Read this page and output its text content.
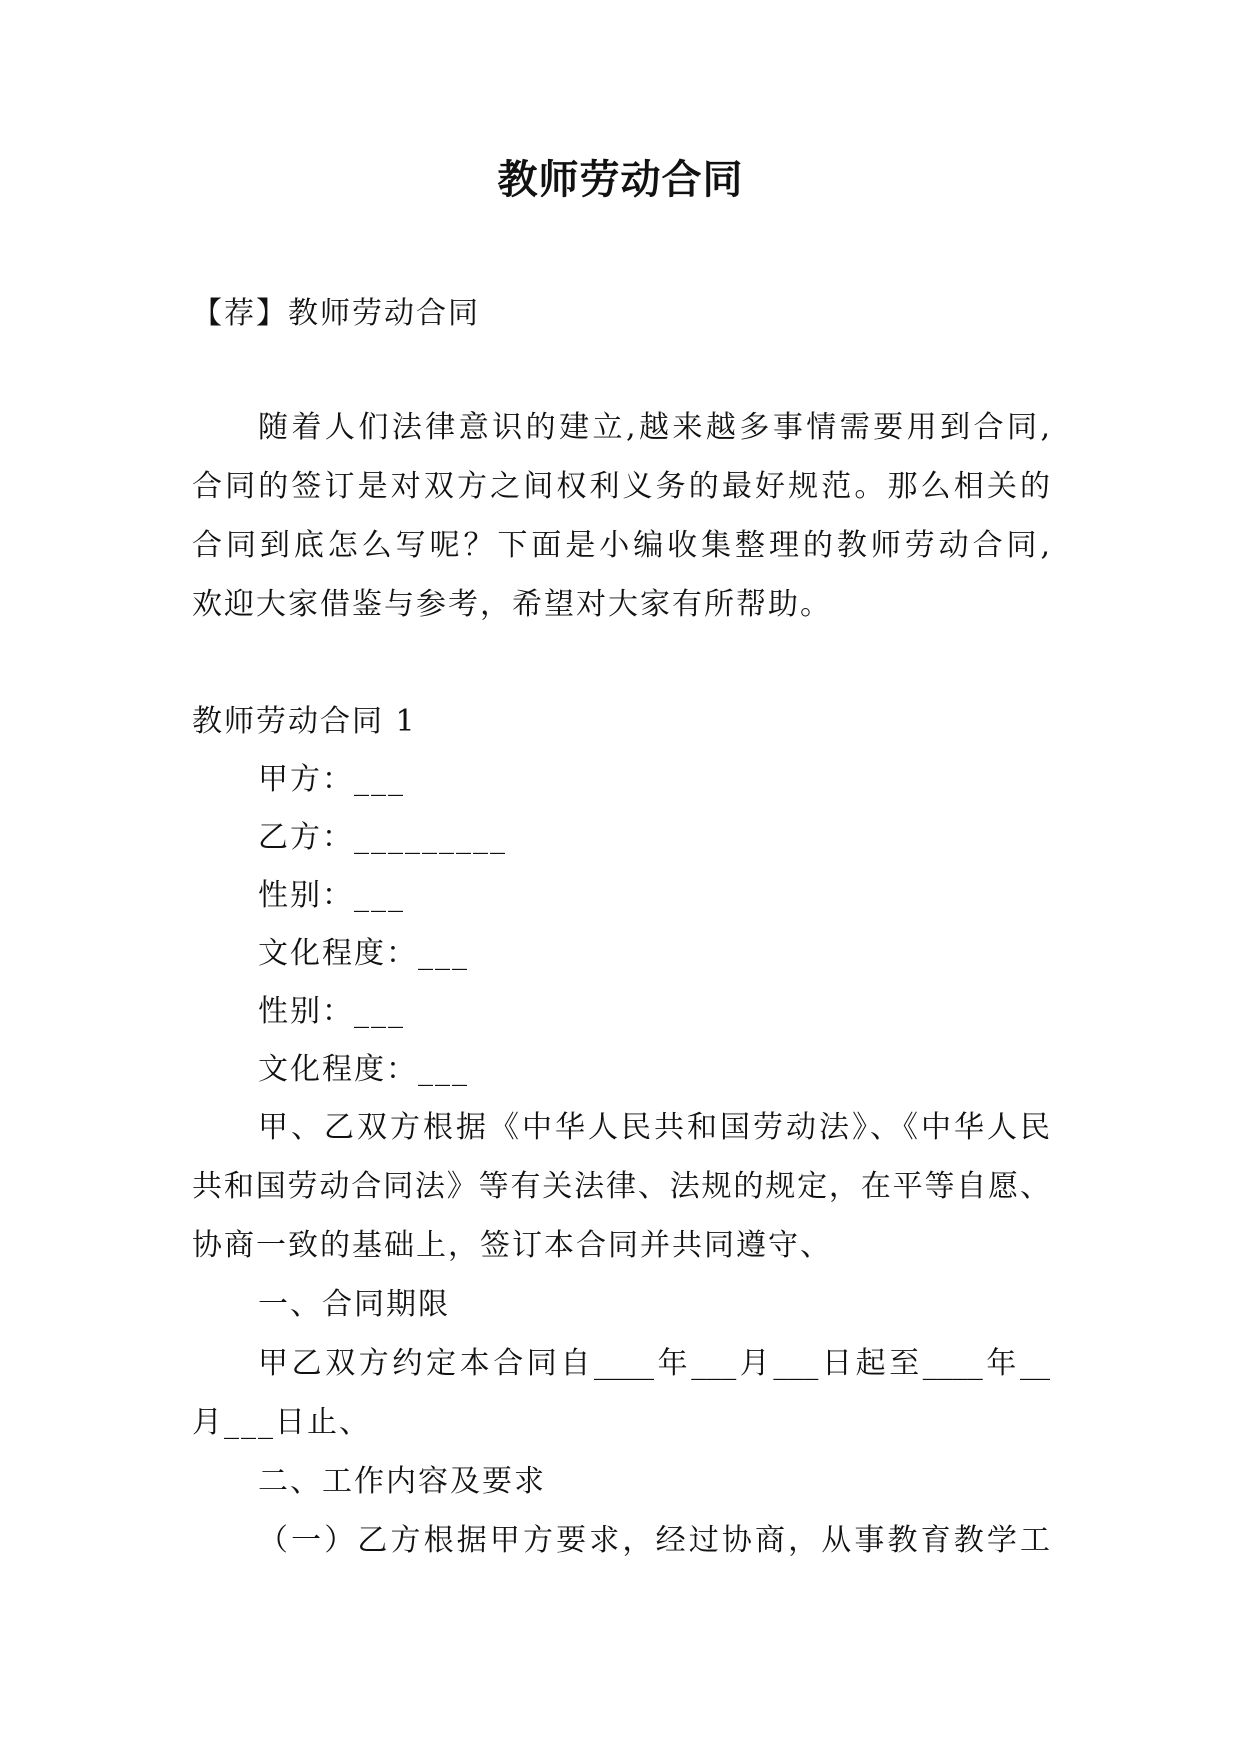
教师劳动合同
【荐】教师劳动合同
随着人们法律意识的建立,越来越多事情需要用到合同,
合同的签订是对双方之间权利义务的最好规范。那么相关的
合同到底怎么写呢？下面是小编收集整理的教师劳动合同,
欢迎大家借鉴与参考，希望对大家有所帮助。
教师劳动合同 1
甲方：___
乙方：_________
性别：___
文化程度：___
性别：___
文化程度：___
甲、乙双方根据《中华人民共和国劳动法》、《中华人民
共和国劳动合同法》等有关法律、法规的规定，在平等自愿、
协商一致的基础上，签订本合同并共同遵守、
一、合同期限
甲乙双方约定本合同自____年___月___日起至____年__
月___日止、
二、工作内容及要求
（一）乙方根据甲方要求，经过协商，从事教育教学工
